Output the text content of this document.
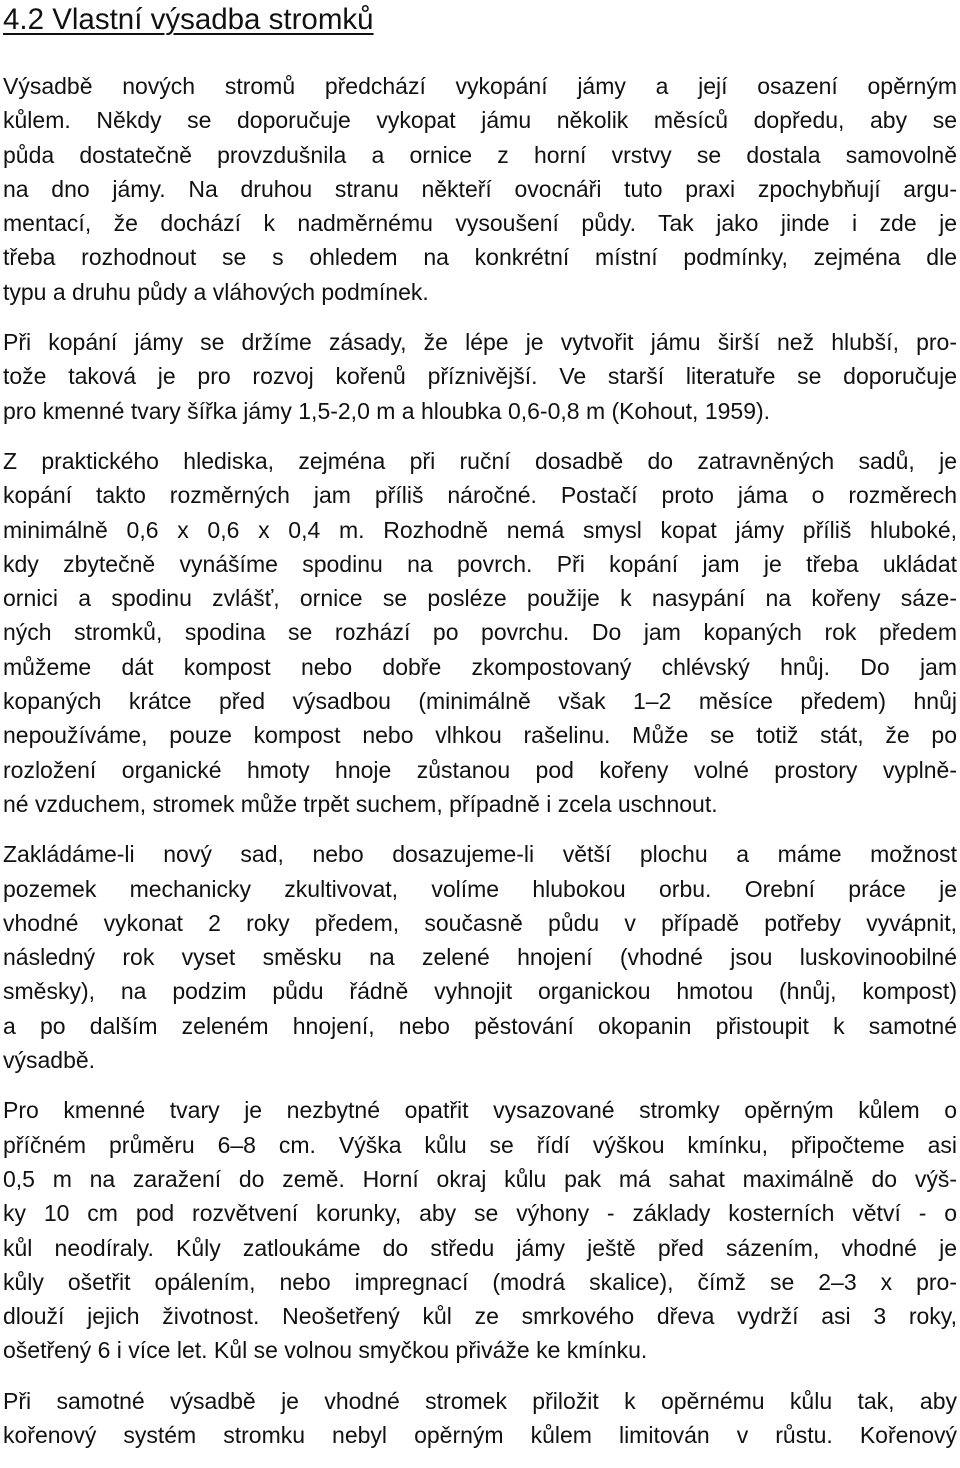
4.2 Vlastní výsadba stromků
Výsadbě nových stromů předchází vykopání jámy a její osazení opěrným
kůlem. Někdy se doporučuje vykopat jámu několik měsíců dopředu, aby se
půda dostatečně provzdušnila a ornice z horní vrstvy se dostala samovolně
na dno jámy. Na druhou stranu někteří ovocnáři tuto praxi zpochybňují argu-
mentací, že dochází k nadměrnému vysoušení půdy. Tak jako jinde i zde je
třeba rozhodnout se s ohledem na konkrétní místní podmínky, zejména dle
typu a druhu půdy a vláhových podmínek.
Při kopání jámy se držíme zásady, že lépe je vytvořit jámu širší než hlubší, pro-
tože taková je pro rozvoj kořenů příznivější. Ve starší literatuře se doporučuje
pro kmenné tvary šířka jámy 1,5-2,0 m a hloubka 0,6-0,8 m (Kohout, 1959).
Z praktického hlediska, zejména při ruční dosadbě do zatravněných sadů, je
kopání takto rozměrných jam příliš náročné. Postačí proto jáma o rozměrech
minimálně 0,6 x 0,6 x 0,4 m. Rozhodně nemá smysl kopat jámy příliš hluboké,
kdy zbytečně vynášíme spodinu na povrch. Při kopání jam je třeba ukládat
ornici a spodinu zvlášť, ornice se posléze použije k nasypání na kořeny sáze-
ných stromků, spodina se rozhází po povrchu. Do jam kopaných rok předem
můžeme dát kompost nebo dobře zkompostovaný chlévský hnůj. Do jam
kopaných krátce před výsadbou (minimálně však 1–2 měsíce předem) hnůj
nepoužíváme, pouze kompost nebo vlhkou rašelinu. Může se totiž stát, že po
rozložení organické hmoty hnoje zůstanou pod kořeny volné prostory vyplně-
né vzduchem, stromek může trpět suchem, případně i zcela uschnout.
Zakládáme-li nový sad, nebo dosazujeme-li větší plochu a máme možnost
pozemek mechanicky zkultivovat, volíme hlubokou orbu. Orební práce je
vhodné vykonat 2 roky předem, současně půdu v případě potřeby vyvápnit,
následný rok vyset směsku na zelené hnojení (vhodné jsou luskovinoobilné
směsky), na podzim půdu řádně vyhnojit organickou hmotou (hnůj, kompost)
a po dalším zeleném hnojení, nebo pěstování okopanin přistoupit k samotné
výsadbě.
Pro kmenné tvary je nezbytné opatřit vysazované stromky opěrným kůlem o
příčném průměru 6–8 cm. Výška kůlu se řídí výškou kmínku, připočteme asi
0,5 m na zaražení do země. Horní okraj kůlu pak má sahat maximálně do výš-
ky 10 cm pod rozvětvení korunky, aby se výhony - základy kosterních větví - o
kůl neodíraly. Kůly zatloukáme do středu jámy ještě před sázením, vhodné je
kůly ošetřit opálením, nebo impregnací (modrá skalice), čímž se 2–3 x pro-
dlouží jejich životnost. Neošetřený kůl ze smrkového dřeva vydrží asi 3 roky,
ošetřený 6 i více let. Kůl se volnou smyčkou přiváže ke kmínku.
Při samotné výsadbě je vhodné stromek přiložit k opěrnému kůlu tak, aby
kořenový systém stromku nebyl opěrným kůlem limitován v růstu. Kořenový
